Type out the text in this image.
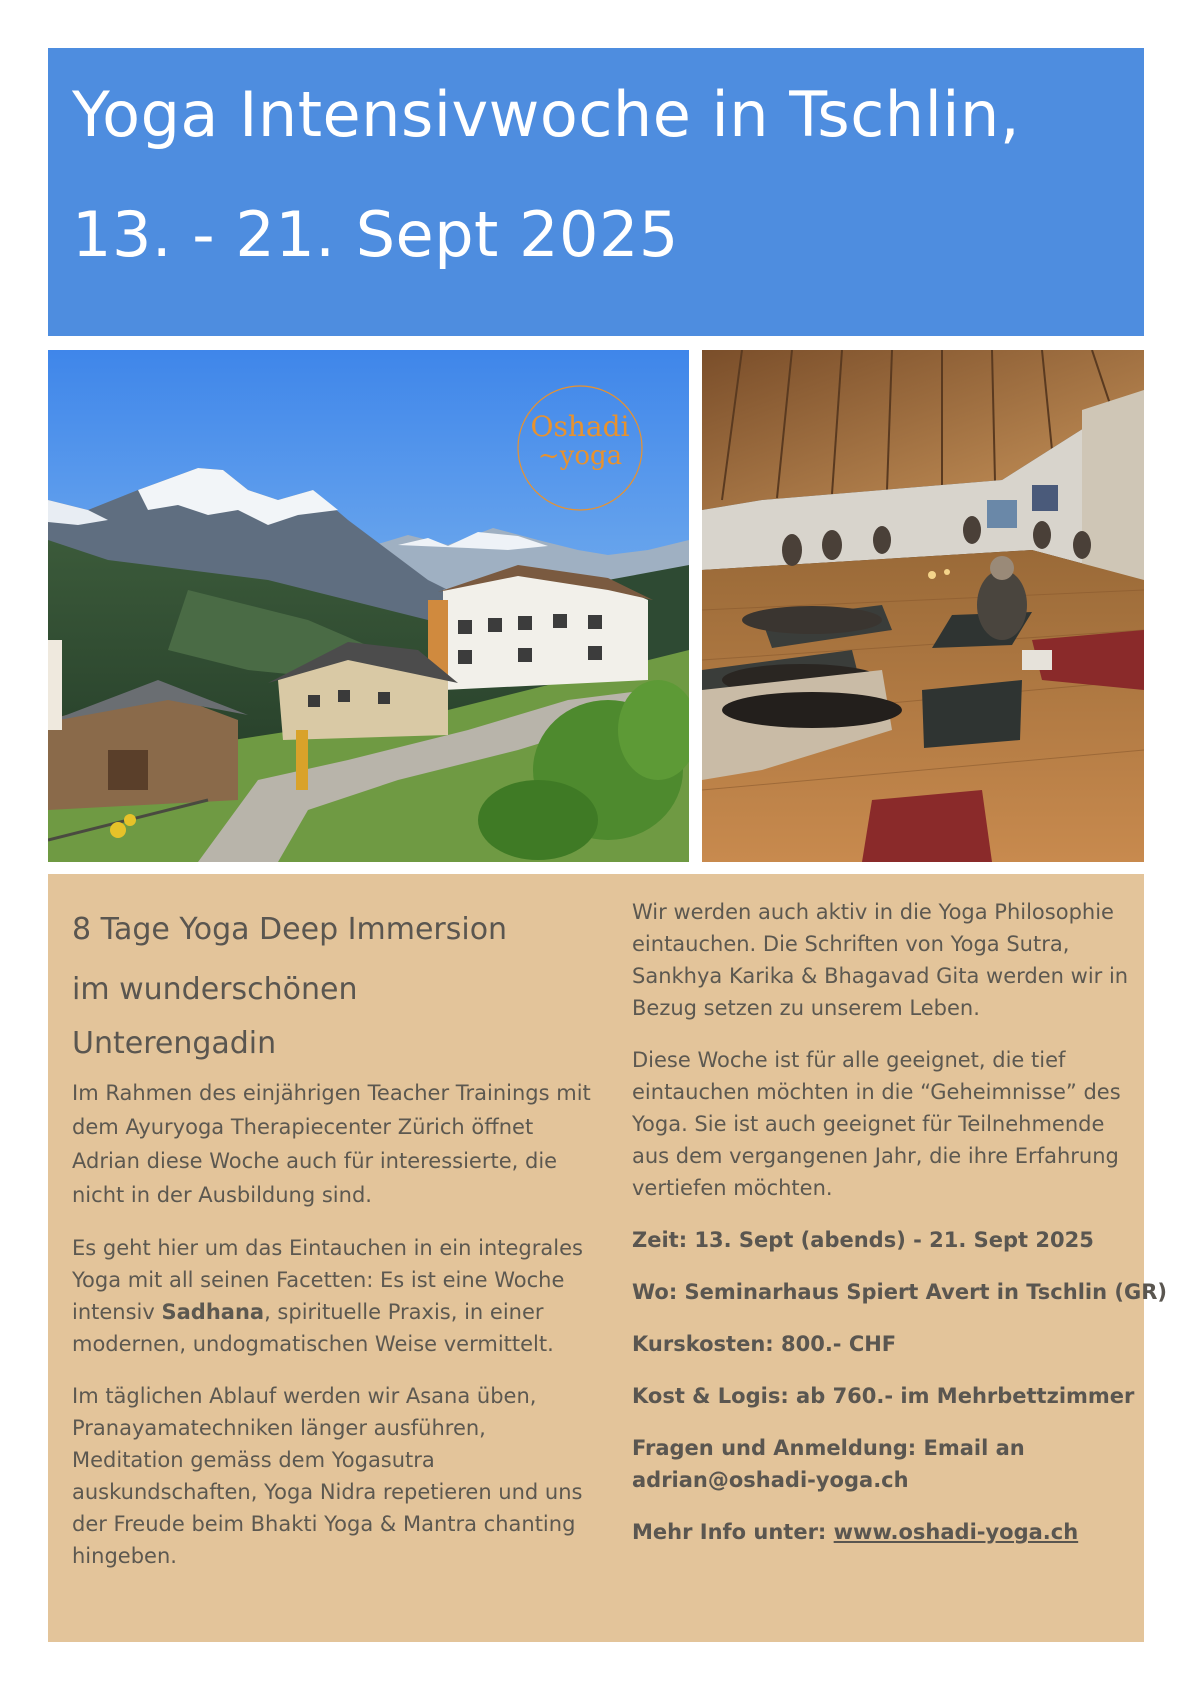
Yoga Intensivwoche in Tschlin,
13. - 21. Sept 2025
Oshadi
~yoga
8 Tage Yoga Deep Immersion
im wunderschönen
Unterengadin

Im Rahmen des einjährigen Teacher Trainings mit dem Ayuryoga Therapiecenter Zürich öffnet Adrian diese Woche auch für interessierte, die nicht in der Ausbildung sind.

Es geht hier um das Eintauchen in ein integrales Yoga mit all seinen Facetten: Es ist eine Woche intensiv Sadhana, spirituelle Praxis, in einer modernen, undogmatischen Weise vermittelt.

Im täglichen Ablauf werden wir Asana üben, Pranayamatechniken länger ausführen, Meditation gemäss dem Yogasutra auskundschaften, Yoga Nidra repetieren und uns der Freude beim Bhakti Yoga & Mantra chanting hingeben.

Wir werden auch aktiv in die Yoga Philosophie eintauchen. Die Schriften von Yoga Sutra, Sankhya Karika & Bhagavad Gita werden wir in Bezug setzen zu unserem Leben.

Diese Woche ist für alle geeignet, die tief eintauchen möchten in die “Geheimnisse” des Yoga. Sie ist auch geeignet für Teilnehmende aus dem vergangenen Jahr, die ihre Erfahrung vertiefen möchten.

Zeit: 13. Sept (abends) - 21. Sept 2025
Wo: Seminarhaus Spiert Avert in Tschlin (GR)
Kurskosten: 800.- CHF
Kost & Logis: ab 760.- im Mehrbettzimmer
Fragen und Anmeldung: Email an
adrian@oshadi-yoga.ch
Mehr Info unter: www.oshadi-yoga.ch
